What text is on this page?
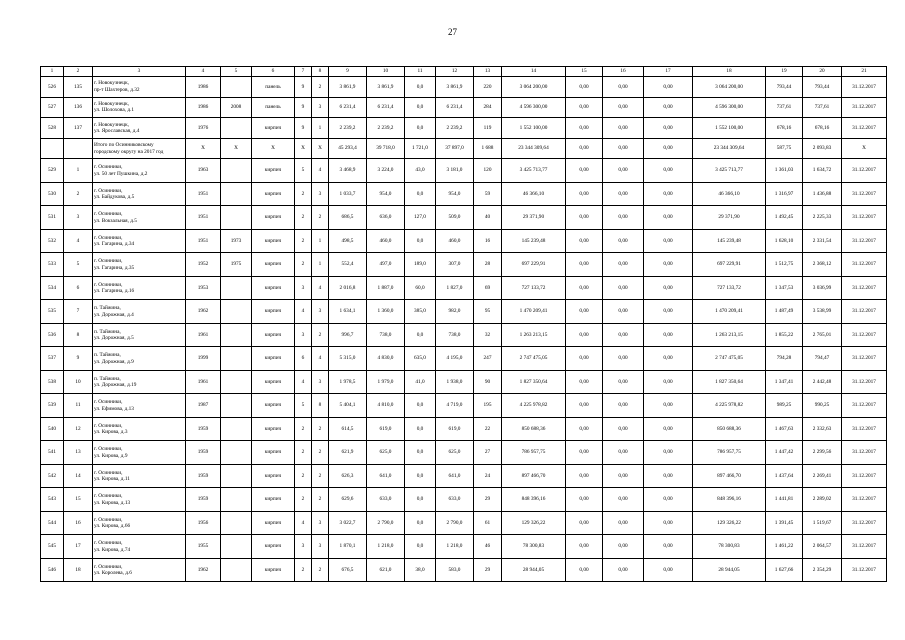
27
1	2	3	4	5	6	7	8	9	10	11	12	13	14	15	16	17	18	19	20	21
526	135	г. Новокузнецк,
пр-т Шахтеров, д.32	1986		панель	9	2	3 861,9	3 861,9	0,0	3 861,9	220	3 064 200,00	0,00	0,00	0,00	3 064 200,00	793,44	793,44	31.12.2017
527	136	г. Новокузнецк,
ул. Шолохова, д.1	1986	2008	панель	9	3	6 231,4	6 231,4	0,0	6 231,4	284	4 596 300,00	0,00	0,00	0,00	4 596 300,00	737,61	737,61	31.12.2017
528	137	г. Новокузнецк,
ул. Ярославская, д.4	1976		кирпич	9	1	2 239,2	2 239,2	0,0	2 239,2	119	1 552 100,00	0,00	0,00	0,00	1 552 100,00	678,16	678,16	31.12.2017

		Итого по Осинниковскому
городскому округу на 2017 год	X	X	X	X	X	45 293,4	39 718,0	1 721,0	37 897,0	1 688	23 344 309,64	0,00	0,00	0,00	23 344 309,64	587,75	2 093,83	X
529	1	г. Осинники,
ул. 50 лет Пушкина, д.2	1963		кирпич	5	4	3 468,9	3 224,0	43,0	3 181,0	120	3 425 713,77	0,00	0,00	0,00	3 425 713,77	1 361,03	1 634,72	31.12.2017
530	2	г. Осинники,
ул. Байдукова, д.5	1951		кирпич	2	3	1 033,7	954,0	0,0	954,0	59	46 366,10	0,00	0,00	0,00	46 366,10	1 316,97	1 436,88	31.12.2017
531	3	г. Осинники,
ул. Вокзальная, д.5	1951		кирпич	2	2	686,5	636,0	127,0	509,0	40	29 371,90	0,00	0,00	0,00	29 371,90	1 492,45	2 225,33	31.12.2017
532	4	г. Осинники,
ул. Гагарина, д.34	1951	1973	кирпич	2	1	498,5	460,0	0,0	460,0	16	145 239,48	0,00	0,00	0,00	145 239,48	1 628,10	2 331,54	31.12.2017
533	5	г. Осинники,
ул. Гагарина, д.35	1952	1975	кирпич	2	1	552,4	497,0	189,0	307,0	28	697 229,91	0,00	0,00	0,00	697 229,91	1 512,75	2 368,12	31.12.2017
534	6	г. Осинники,
ул. Гагарина, д.16	1953		кирпич	3	4	2 016,8	1 887,0	60,0	1 827,0	69	727 133,72	0,00	0,00	0,00	727 133,72	1 347,53	3 036,99	31.12.2017
535	7	п. Тайжина,
ул. Дорожная, д.4	1962		кирпич	4	3	1 634,1	1 360,0	385,0	982,0	95	1 470 209,41	0,00	0,00	0,00	1 470 209,41	1 487,49	3 538,99	31.12.2017
536	8	п. Тайжина,
ул. Дорожная, д.5	1961		кирпич	3	2	996,7	738,0	0,0	738,0	32	1 263 213,15	0,00	0,00	0,00	1 263 213,15	1 855,22	2 765,01	31.12.2017
537	9	п. Тайжина,
ул. Дорожная, д.9	1999		кирпич	6	4	5 315,0	4 830,0	635,0	4 195,0	247	2 747 475,05	0,00	0,00	0,00	2 747 475,05	794,28	794,47	31.12.2017
538	10	п. Тайжина,
ул. Дорожная, д.19	1961		кирпич	4	3	1 978,5	1 979,0	41,0	1 938,0	90	1 827 350,64	0,00	0,00	0,00	1 827 350,64	1 347,41	2 442,48	31.12.2017
539	11	г. Осинники,
ул. Ефимова, д.13	1987		кирпич	5	8	5 404,1	4 810,0	0,0	4 719,0	195	4 225 978,82	0,00	0,00	0,00	4 225 978,82	989,25	990,25	31.12.2017
540	12	г. Осинники,
ул. Кирова, д.3	1959		кирпич	2	2	614,5	619,0	0,0	619,0	22	850 688,36	0,00	0,00	0,00	850 688,36	1 467,63	2 332,63	31.12.2017
541	13	г. Осинники,
ул. Кирова, д.9	1959		кирпич	2	2	621,9	625,0	0,0	625,0	27	786 957,75	0,00	0,00	0,00	786 957,75	1 447,42	2 299,56	31.12.2017
542	14	г. Осинники,
ул. Кирова, д.11	1959		кирпич	2	2	626,3	641,0	0,0	641,0	24	897 466,70	0,00	0,00	0,00	897 466,70	1 437,64	2 269,41	31.12.2017
543	15	г. Осинники,
ул. Кирова, д.13	1959		кирпич	2	2	629,6	633,0	0,0	633,0	29	848 396,16	0,00	0,00	0,00	848 396,16	1 441,81	2 289,02	31.12.2017
544	16	г. Осинники,
ул. Кирова, д.66	1956		кирпич	4	3	3 022,7	2 790,0	0,0	2 790,0	61	129 326,22	0,00	0,00	0,00	129 326,22	1 391,45	1 519,67	31.12.2017
545	17	г. Осинники,
ул. Кирова, д.74	1955		кирпич	3	3	1 870,1	1 218,0	0,0	1 218,0	46	78 300,83	0,00	0,00	0,00	78 300,83	1 461,22	2 064,57	31.12.2017
546	18	г. Осинники,
ул. Королева, д.6	1962		кирпич	2	2	676,5	621,0	38,0	583,0	29	28 944,05	0,00	0,00	0,00	28 944,05	1 627,66	2 354,29	31.12.2017
